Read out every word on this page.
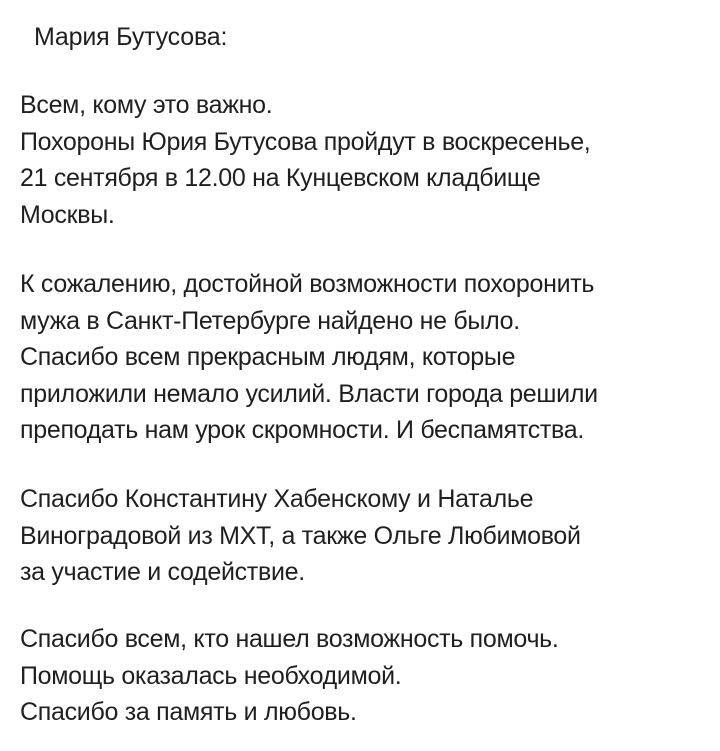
Мария Бутусова:
Всем, кому это важно.
Похороны Юрия Бутусова пройдут в воскресенье,
21 сентября в 12.00 на Кунцевском кладбище
Москвы.
К сожалению, достойной возможности похоронить
мужа в Санкт-Петербурге найдено не было.
Спасибо всем прекрасным людям, которые
приложили немало усилий. Власти города решили
преподать нам урок скромности. И беспамятства.
Спасибо Константину Хабенскому и Наталье
Виноградовой из МХТ, а также Ольге Любимовой
за участие и содействие.
Спасибо всем, кто нашел возможность помочь.
Помощь оказалась необходимой.
Спасибо за память и любовь.
